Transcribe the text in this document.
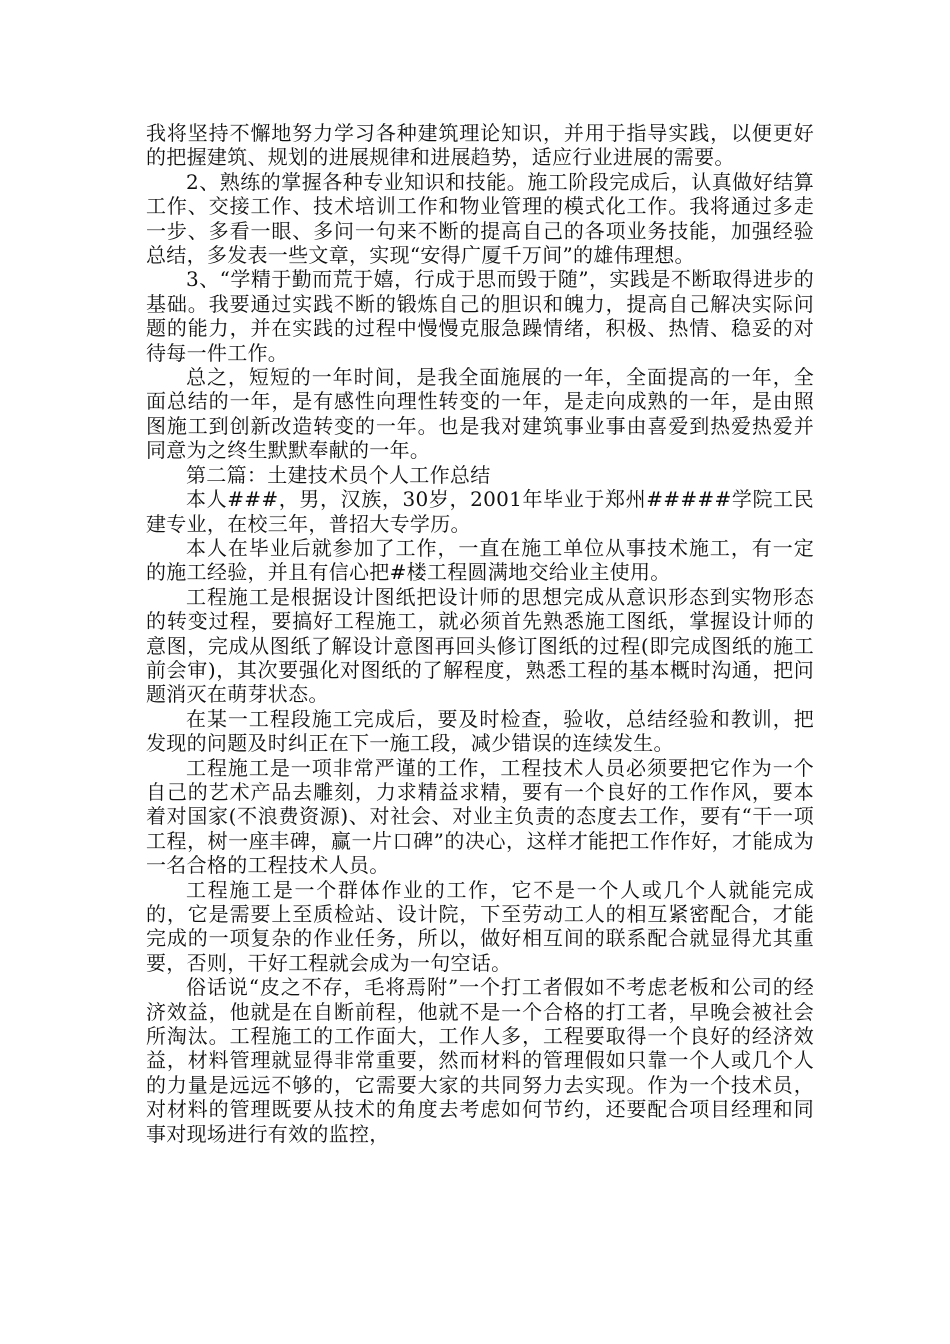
我将坚持不懈地努力学习各种建筑理论知识，并用于指导实践，以便更好的把握建筑、规划的进展规律和进展趋势，适应行业进展的需要。

2、熟练的掌握各种专业知识和技能。施工阶段完成后，认真做好结算工作、交接工作、技术培训工作和物业管理的模式化工作。我将通过多走一步、多看一眼、多问一句来不断的提高自己的各项业务技能，加强经验总结，多发表一些文章，实现“安得广厦千万间”的雄伟理想。

3、“学精于勤而荒于嬉，行成于思而毁于随”，实践是不断取得进步的基础。我要通过实践不断的锻炼自己的胆识和魄力，提高自己解决实际问题的能力，并在实践的过程中慢慢克服急躁情绪，积极、热情、稳妥的对待每一件工作。

总之，短短的一年时间，是我全面施展的一年，全面提高的一年，全面总结的一年，是有感性向理性转变的一年，是走向成熟的一年，是由照图施工到创新改造转变的一年。也是我对建筑事业事由喜爱到热爱热爱并同意为之终生默默奉献的一年。

第二篇：土建技术员个人工作总结

本人###，男，汉族，30岁，2001年毕业于郑州#####学院工民建专业，在校三年，普招大专学历。

本人在毕业后就参加了工作，一直在施工单位从事技术施工，有一定的施工经验，并且有信心把#楼工程圆满地交给业主使用。

工程施工是根据设计图纸把设计师的思想完成从意识形态到实物形态的转变过程，要搞好工程施工，就必须首先熟悉施工图纸，掌握设计师的意图，完成从图纸了解设计意图再回头修订图纸的过程(即完成图纸的施工前会审)，其次要强化对图纸的了解程度，熟悉工程的基本概时沟通，把问题消灭在萌芽状态。

在某一工程段施工完成后，要及时检查，验收，总结经验和教训，把发现的问题及时纠正在下一施工段，减少错误的连续发生。

工程施工是一项非常严谨的工作，工程技术人员必须要把它作为一个自己的艺术产品去雕刻，力求精益求精，要有一个良好的工作作风，要本着对国家(不浪费资源)、对社会、对业主负责的态度去工作，要有“干一项工程，树一座丰碑，赢一片口碑”的决心，这样才能把工作作好，才能成为一名合格的工程技术人员。

工程施工是一个群体作业的工作，它不是一个人或几个人就能完成的，它是需要上至质检站、设计院，下至劳动工人的相互紧密配合，才能完成的一项复杂的作业任务，所以，做好相互间的联系配合就显得尤其重要，否则，干好工程就会成为一句空话。

俗话说“皮之不存，毛将焉附”一个打工者假如不考虑老板和公司的经济效益，他就是在自断前程，他就不是一个合格的打工者，早晚会被社会所淘汰。工程施工的工作面大，工作人多，工程要取得一个良好的经济效益，材料管理就显得非常重要，然而材料的管理假如只靠一个人或几个人的力量是远远不够的，它需要大家的共同努力去实现。作为一个技术员，对材料的管理既要从技术的角度去考虑如何节约，还要配合项目经理和同事对现场进行有效的监控，
